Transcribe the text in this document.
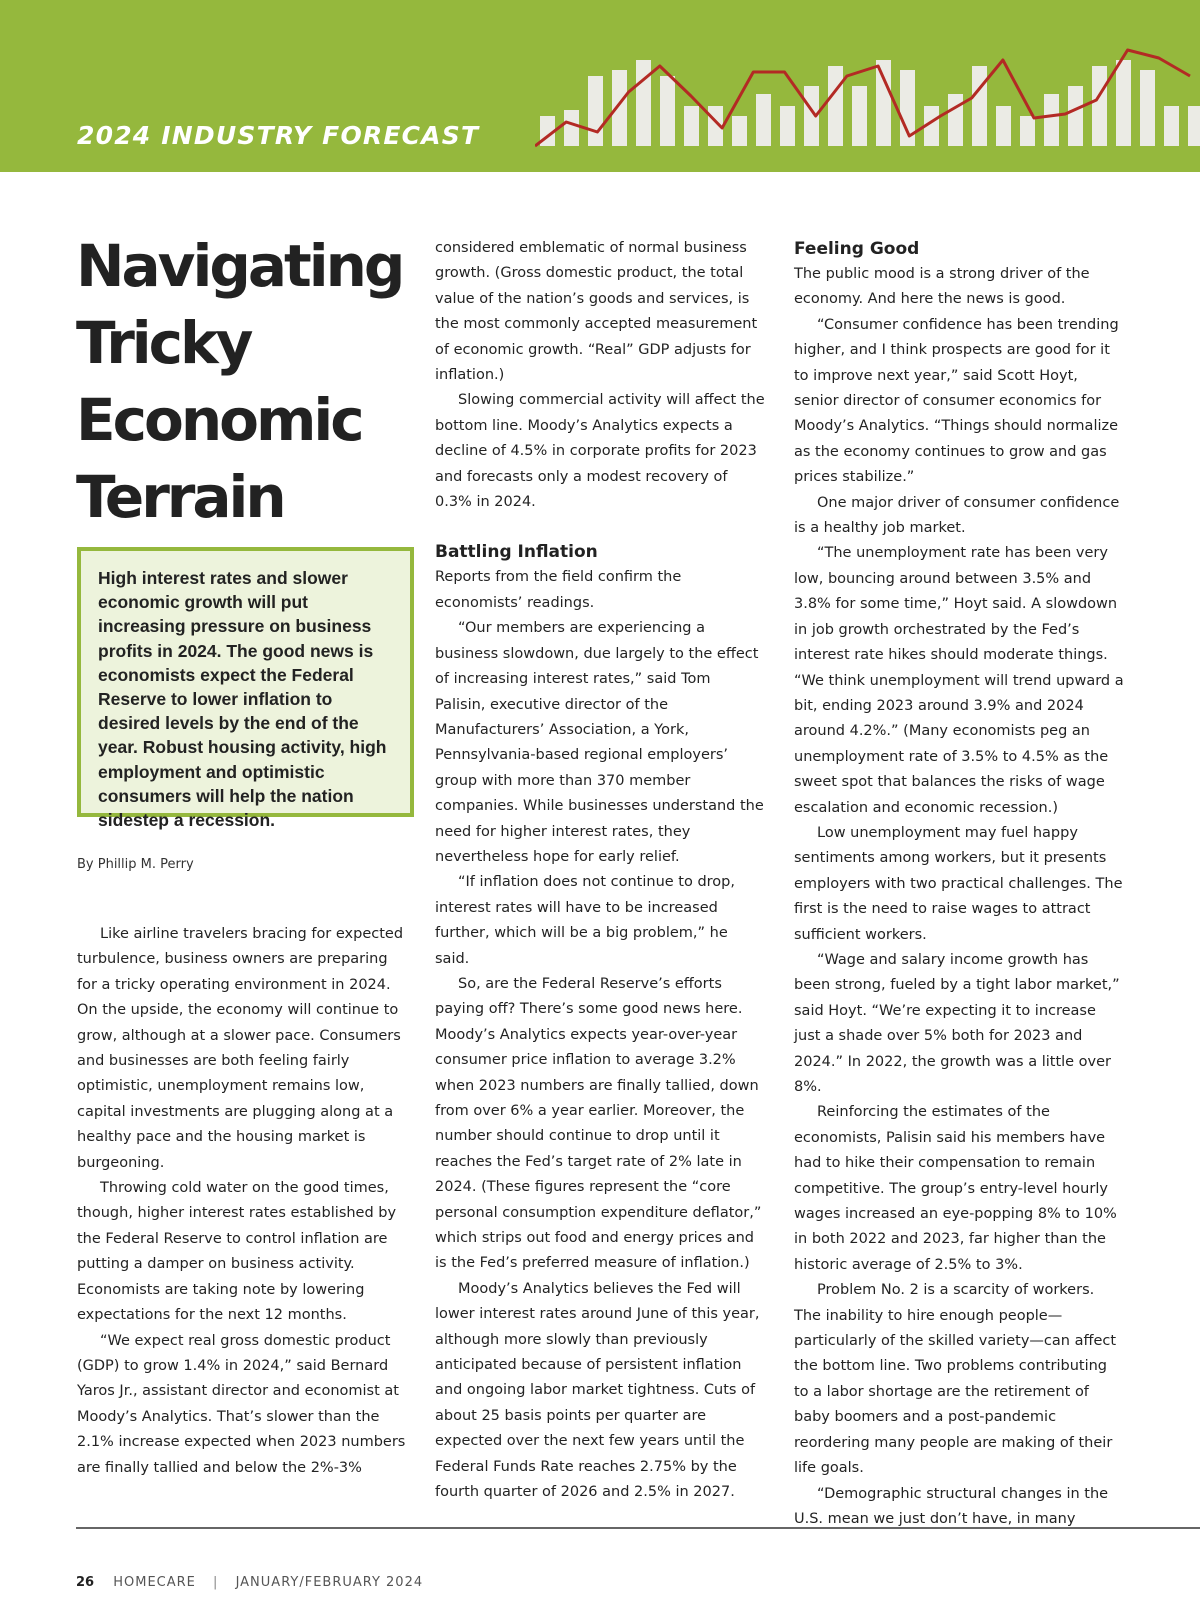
2024 INDUSTRY FORECAST
Navigating Tricky Economic Terrain

High interest rates and slower economic growth will put increasing pressure on business profits in 2024. The good news is economists expect the Federal Reserve to lower inflation to desired levels by the end of the year. Robust housing activity, high employment and optimistic consumers will help the nation sidestep a recession.

By Phillip M. Perry

Like airline travelers bracing for expected turbulence, business owners are preparing for a tricky operating environment in 2024. On the upside, the economy will continue to grow, although at a slower pace. Consumers and businesses are both feeling fairly optimistic, unemployment remains low, capital investments are plugging along at a healthy pace and the housing market is burgeoning.

Throwing cold water on the good times, though, higher interest rates established by the Federal Reserve to control inflation are putting a damper on business activity. Economists are taking note by lowering expectations for the next 12 months.

“We expect real gross domestic product (GDP) to grow 1.4% in 2024,” said Bernard Yaros Jr., assistant director and economist at Moody’s Analytics. That’s slower than the 2.1% increase expected when 2023 numbers are finally tallied and below the 2%-3%

considered emblematic of normal business growth. (Gross domestic product, the total value of the nation’s goods and services, is the most commonly accepted measurement of economic growth. “Real” GDP adjusts for inflation.)

Slowing commercial activity will affect the bottom line. Moody’s Analytics expects a decline of 4.5% in corporate profits for 2023 and forecasts only a modest recovery of 0.3% in 2024.

Battling Inflation

Reports from the field confirm the economists’ readings.

“Our members are experiencing a business slowdown, due largely to the effect of increasing interest rates,” said Tom Palisin, executive director of the Manufacturers’ Association, a York, Pennsylvania-based regional employers’ group with more than 370 member companies. While businesses understand the need for higher interest rates, they nevertheless hope for early relief.

“If inflation does not continue to drop, interest rates will have to be increased further, which will be a big problem,” he said.

So, are the Federal Reserve’s efforts paying off? There’s some good news here. Moody’s Analytics expects year-over-year consumer price inflation to average 3.2% when 2023 numbers are finally tallied, down from over 6% a year earlier. Moreover, the number should continue to drop until it reaches the Fed’s target rate of 2% late in 2024. (These figures represent the “core personal consumption expenditure deflator,” which strips out food and energy prices and is the Fed’s preferred measure of inflation.)

Moody’s Analytics believes the Fed will lower interest rates around June of this year, although more slowly than previously anticipated because of persistent inflation and ongoing labor market tightness. Cuts of about 25 basis points per quarter are expected over the next few years until the Federal Funds Rate reaches 2.75% by the fourth quarter of 2026 and 2.5% in 2027.

Feeling Good

The public mood is a strong driver of the economy. And here the news is good.

“Consumer confidence has been trending higher, and I think prospects are good for it to improve next year,” said Scott Hoyt, senior director of consumer economics for Moody’s Analytics. “Things should normalize as the economy continues to grow and gas prices stabilize.”

One major driver of consumer confidence is a healthy job market.

“The unemployment rate has been very low, bouncing around between 3.5% and 3.8% for some time,” Hoyt said. A slowdown in job growth orchestrated by the Fed’s interest rate hikes should moderate things. “We think unemployment will trend upward a bit, ending 2023 around 3.9% and 2024 around 4.2%.” (Many economists peg an unemployment rate of 3.5% to 4.5% as the sweet spot that balances the risks of wage escalation and economic recession.)

Low unemployment may fuel happy sentiments among workers, but it presents employers with two practical challenges. The first is the need to raise wages to attract sufficient workers.

“Wage and salary income growth has been strong, fueled by a tight labor market,” said Hoyt. “We’re expecting it to increase just a shade over 5% both for 2023 and 2024.” In 2022, the growth was a little over 8%.

Reinforcing the estimates of the economists, Palisin said his members have had to hike their compensation to remain competitive. The group’s entry-level hourly wages increased an eye-popping 8% to 10% in both 2022 and 2023, far higher than the historic average of 2.5% to 3%.

Problem No. 2 is a scarcity of workers. The inability to hire enough people—particularly of the skilled variety—can affect the bottom line. Two problems contributing to a labor shortage are the retirement of baby boomers and a post-pandemic reordering many people are making of their life goals.

“Demographic structural changes in the U.S. mean we just don’t have, in many

26 HOMECARE | JANUARY/FEBRUARY 2024
